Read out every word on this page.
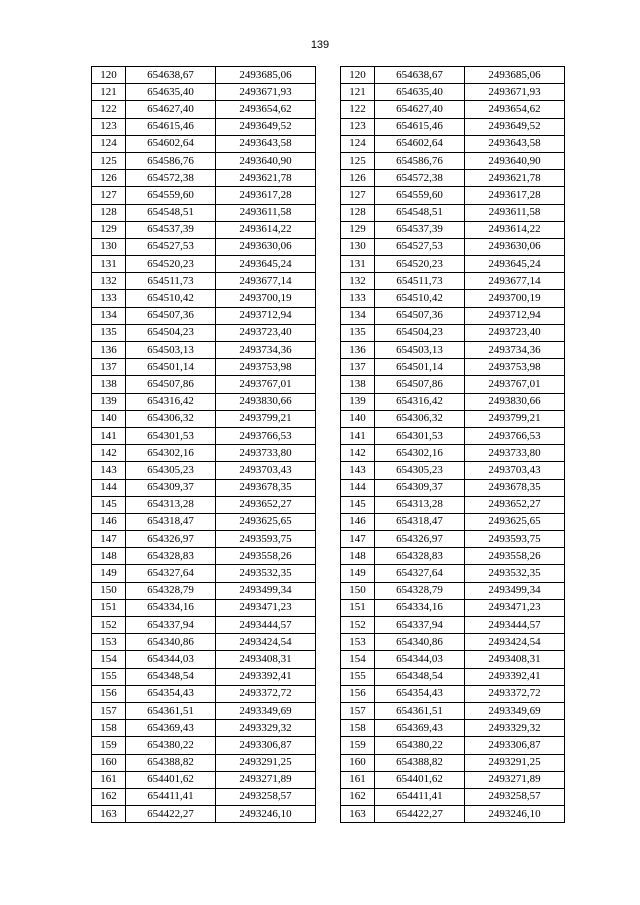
139
120	654638,67	2493685,06
121	654635,40	2493671,93
122	654627,40	2493654,62
123	654615,46	2493649,52
124	654602,64	2493643,58
125	654586,76	2493640,90
126	654572,38	2493621,78
127	654559,60	2493617,28
128	654548,51	2493611,58
129	654537,39	2493614,22
130	654527,53	2493630,06
131	654520,23	2493645,24
132	654511,73	2493677,14
133	654510,42	2493700,19
134	654507,36	2493712,94
135	654504,23	2493723,40
136	654503,13	2493734,36
137	654501,14	2493753,98
138	654507,86	2493767,01
139	654316,42	2493830,66
140	654306,32	2493799,21
141	654301,53	2493766,53
142	654302,16	2493733,80
143	654305,23	2493703,43
144	654309,37	2493678,35
145	654313,28	2493652,27
146	654318,47	2493625,65
147	654326,97	2493593,75
148	654328,83	2493558,26
149	654327,64	2493532,35
150	654328,79	2493499,34
151	654334,16	2493471,23
152	654337,94	2493444,57
153	654340,86	2493424,54
154	654344,03	2493408,31
155	654348,54	2493392,41
156	654354,43	2493372,72
157	654361,51	2493349,69
158	654369,43	2493329,32
159	654380,22	2493306,87
160	654388,82	2493291,25
161	654401,62	2493271,89
162	654411,41	2493258,57
163	654422,27	2493246,10
120	654638,67	2493685,06
121	654635,40	2493671,93
122	654627,40	2493654,62
123	654615,46	2493649,52
124	654602,64	2493643,58
125	654586,76	2493640,90
126	654572,38	2493621,78
127	654559,60	2493617,28
128	654548,51	2493611,58
129	654537,39	2493614,22
130	654527,53	2493630,06
131	654520,23	2493645,24
132	654511,73	2493677,14
133	654510,42	2493700,19
134	654507,36	2493712,94
135	654504,23	2493723,40
136	654503,13	2493734,36
137	654501,14	2493753,98
138	654507,86	2493767,01
139	654316,42	2493830,66
140	654306,32	2493799,21
141	654301,53	2493766,53
142	654302,16	2493733,80
143	654305,23	2493703,43
144	654309,37	2493678,35
145	654313,28	2493652,27
146	654318,47	2493625,65
147	654326,97	2493593,75
148	654328,83	2493558,26
149	654327,64	2493532,35
150	654328,79	2493499,34
151	654334,16	2493471,23
152	654337,94	2493444,57
153	654340,86	2493424,54
154	654344,03	2493408,31
155	654348,54	2493392,41
156	654354,43	2493372,72
157	654361,51	2493349,69
158	654369,43	2493329,32
159	654380,22	2493306,87
160	654388,82	2493291,25
161	654401,62	2493271,89
162	654411,41	2493258,57
163	654422,27	2493246,10
